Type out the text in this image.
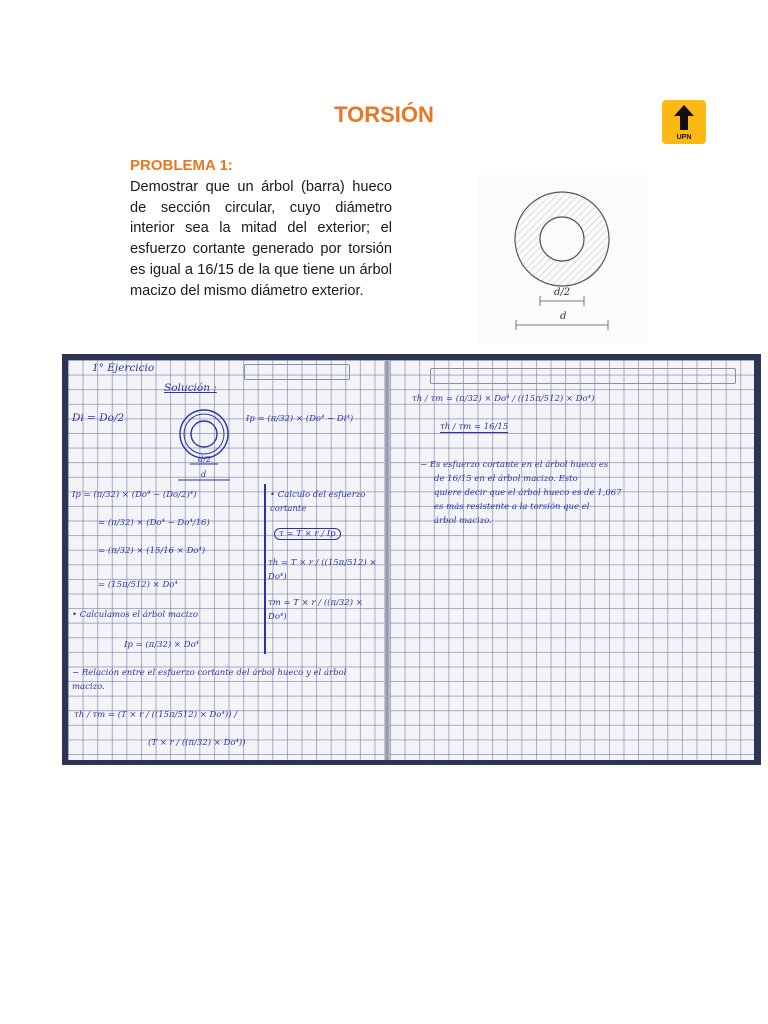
TORSIÓN
UPN
PROBLEMA 1:
Demostrar que un árbol (barra) hueco de sección circular, cuyo diámetro interior sea la mitad del exterior; el esfuerzo cortante generado por torsión es igual a 16/15 de la que tiene un árbol macizo del mismo diámetro exterior.	d/2
d
1° Ejercicio
Solución :
Di = Do/2	Ip = (π/32) × (Do⁴ − Di⁴)
d/2
d
Ip = (π/32) × (Do⁴ − (Do/2)⁴)
= (π/32) × (Do⁴ − Do⁴/16)
= (π/32) × (15/16 × Do⁴)
= (15π/512) × Do⁴
• Calculamos el árbol macizo
Ip = (π/32) × Do⁴
• Calculo del esfuerzo cortante
τ = T × r / Ip
τh = T × r / ((15π/512) × Do⁴)
τm = T × r / ((π/32) × Do⁴)
− Relación entre el esfuerzo cortante del árbol hueco y el árbol macizo.
τh / τm = (T × r / ((15π/512) × Do⁴)) /
(T × r / ((π/32) × Do⁴))
τh / τm = (π/32) × Do⁴ / ((15π/512) × Do⁴)
τh / τm = 16/15
− Es esfuerzo cortante en el árbol hueco es
de 16/15 en el árbol macizo. Esto
quiere decir que el árbol hueco es de 1,067
es más resistente a la torsión que el
árbol macizo.
